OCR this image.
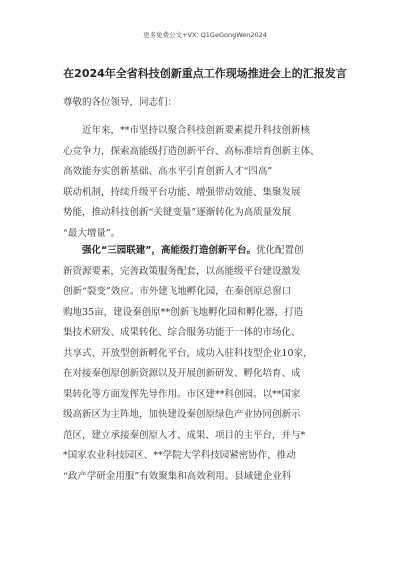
更多免费公文+VX: Q1GeGongWen2024
在2024年全省科技创新重点工作现场推进会上的汇报发言
尊敬的各位领导，同志们：
近年来，**市坚持以聚合科技创新要素提升科技创新核
心竞争力，探索高能级打造创新平台、高标准培育创新主体、
高效能夯实创新基础、高水平引育创新人才“四高”
联动机制，持续升级平台功能、增强带动效能、集聚发展
势能，推动科技创新“关键变量”逐渐转化为高质量发展
“最大增量”。
强化“三园联建”，高能级打造创新平台。优化配置创
新资源要素，完善政策服务配套，以高能级平台建设激发
创新“裂变”效应。市外建飞地孵化园，在秦创原总窗口
购地35亩，建设秦创原**创新飞地孵化园和孵化器，打造
集技术研发、成果转化、综合服务功能于一体的市场化、
共享式、开放型创新孵化平台，成功入驻科技型企业10家，
在对接秦创原创新资源以及开展创新研发、孵化培育、成
果转化等方面发挥先导作用。市区建**科创园。以**国家
级高新区为主阵地，加快建设秦创原绿色产业协同创新示
范区，建立承接秦创原人才、成果、项目的主平台，并与*
*国家农业科技园区、**学院大学科技园紧密协作，推动
“政产学研金用服”有效聚集和高效利用。县域建企业科
